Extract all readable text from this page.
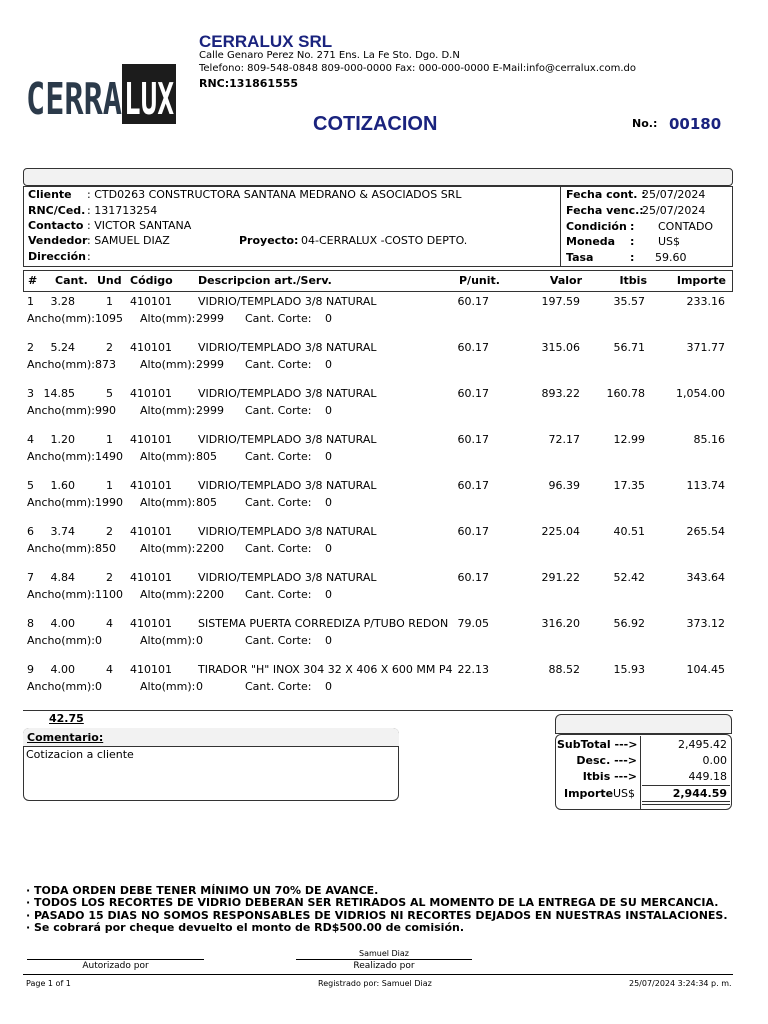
CERRA LUX
CERRALUX SRL
Calle Genaro Perez No. 271 Ens. La Fe Sto. Dgo. D.N
Telefono: 809-548-0848 809-000-0000 Fax: 000-000-0000 E-Mail:info@cerralux.com.do
RNC:131861555
COTIZACION	No.: 00180
Cliente : CTD0263 CONSTRUCTORA SANTANA MEDRANO & ASOCIADOS SRL
RNC/Ced. : 131713254
Contacto : VICTOR SANTANA
Vendedor : SAMUEL DIAZ	Proyecto: 04-CERRALUX -COSTO DEPTO.
Dirección :
Fecha cont. :
25/07/2024
Fecha venc.:
25/07/2024
Condición : CONTADO
Moneda : US$
Tasa	: 59.60
# Cant. Und Código Descripcion art./Serv.	P/unit.	Valor	Itbis	Importe
1	3.28	1 410101 VIDRIO/TEMPLADO 3/8 NATURAL	60.17	197.59	35.57	233.16
Ancho(mm): 1095 Alto(mm): 2999 Cant. Corte: 0
2	5.24	2 410101 VIDRIO/TEMPLADO 3/8 NATURAL	60.17	315.06	56.71	371.77
Ancho(mm): 873 Alto(mm): 2999 Cant. Corte: 0
3 14.85	5 410101 VIDRIO/TEMPLADO 3/8 NATURAL	60.17	893.22	160.78	1,054.00
Ancho(mm): 990 Alto(mm): 2999 Cant. Corte: 0
4	1.20	1 410101 VIDRIO/TEMPLADO 3/8 NATURAL	60.17	72.17	12.99	85.16
Ancho(mm): 1490 Alto(mm): 805	Cant. Corte: 0
5	1.60	1 410101 VIDRIO/TEMPLADO 3/8 NATURAL	60.17	96.39	17.35	113.74
Ancho(mm): 1990 Alto(mm): 805	Cant. Corte: 0
6	3.74	2 410101 VIDRIO/TEMPLADO 3/8 NATURAL	60.17	225.04	40.51	265.54
Ancho(mm): 850 Alto(mm): 2200 Cant. Corte: 0
7	4.84	2 410101 VIDRIO/TEMPLADO 3/8 NATURAL	60.17	291.22	52.42	343.64
Ancho(mm): 1100 Alto(mm): 2200 Cant. Corte: 0
8	4.00	4 410101 SISTEMA PUERTA CORREDIZA P/TUBO REDON 79.05	316.20	56.92	373.12
Ancho(mm): 0	Alto(mm): 0	Cant. Corte: 0
9	4.00	4 410101 TIRADOR "H" INOX 304 32 X 406 X 600 MM P4 22.13	88.52	15.93	104.45
Ancho(mm): 0	Alto(mm): 0	Cant. Corte: 0
42.75
Comentario:
Cotizacion a cliente
SubTotal --->	2,495.42
Desc. --->	0.00
Itbis --->	449.18
Importe US$	2,944.59
· TODA ORDEN DEBE TENER MÍNIMO UN 70% DE AVANCE.
· TODOS LOS RECORTES DE VIDRIO DEBERAN SER RETIRADOS AL MOMENTO DE LA ENTREGA DE SU MERCANCIA.
· PASADO 15 DIAS NO SOMOS RESPONSABLES DE VIDRIOS NI RECORTES DEJADOS EN NUESTRAS INSTALACIONES.
· Se cobrará por cheque devuelto el monto de RD$500.00 de comisión.
Autorizado por
Samuel Diaz
Realizado por
Page 1 of 1	Registrado por: Samuel Diaz	25/07/2024 3:24:34 p. m.
